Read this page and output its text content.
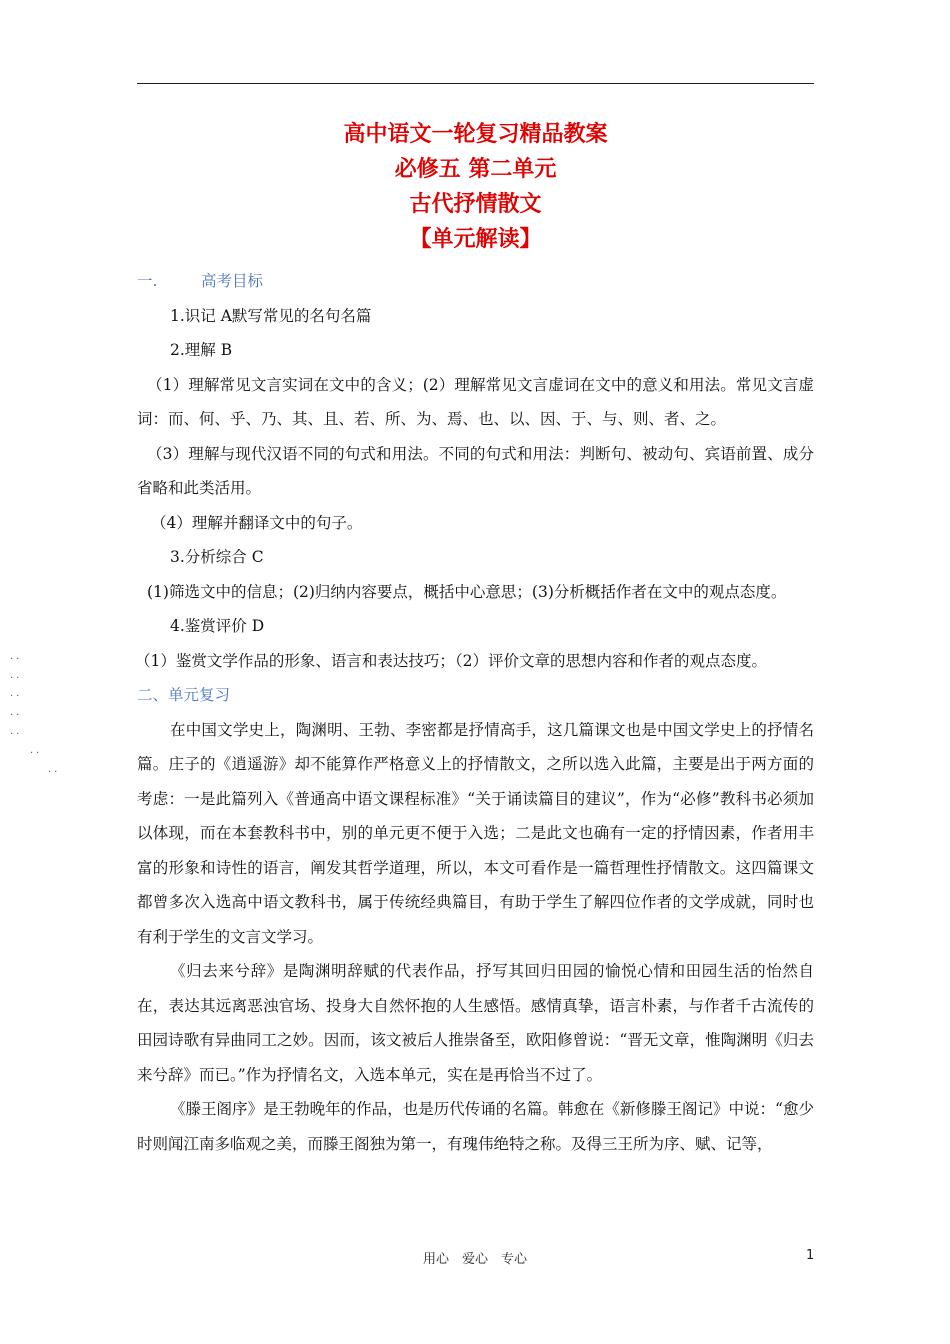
高中语文一轮复习精品教案
必修五 第二单元
古代抒情散文
【单元解读】

一.	高考目标

1.识记 A默写常见的名句名篇

2.理解 B

（1）理解常见文言实词在文中的含义；(2）理解常见文言虚词在文中的意义和用法。常见文言虚词：而、何、乎、乃、其、且、若、所、为、焉、也、以、因、于、与、则、者、之。

（3）理解与现代汉语不同的句式和用法。不同的句式和用法：判断句、被动句、宾语前置、成分省略和此类活用。

（4）理解并翻译文中的句子。

3.分析综合 C

(1)筛选文中的信息；(2)归纳内容要点，概括中心意思；(3)分析概括作者在文中的观点态度。

4.鉴赏评价 D

（1）鉴赏文学作品的形象、语言和表达技巧；（2）评价文章的思想内容和作者的观点态度。

二、单元复习

在中国文学史上，陶渊明、王勃、李密都是抒情高手，这几篇课文也是中国文学史上的抒情名篇。庄子的《逍遥游》却不能算作严格意义上的抒情散文，之所以选入此篇，主要是出于两方面的考虑：一是此篇列入《普通高中语文课程标准》“关于诵读篇目的建议”，作为“必修”教科书必须加以体现，而在本套教科书中，别的单元更不便于入选；二是此文也确有一定的抒情因素，作者用丰富的形象和诗性的语言，阐发其哲学道理，所以，本文可看作是一篇哲理性抒情散文。这四篇课文都曾多次入选高中语文教科书，属于传统经典篇目，有助于学生了解四位作者的文学成就，同时也有利于学生的文言文学习。

《归去来兮辞》是陶渊明辞赋的代表作品，抒写其回归田园的愉悦心情和田园生活的怡然自在，表达其远离恶浊官场、投身大自然怀抱的人生感悟。感情真挚，语言朴素，与作者千古流传的田园诗歌有异曲同工之妙。因而，该文被后人推崇备至，欧阳修曾说：“晋无文章，惟陶渊明《归去来兮辞》而已。”作为抒情名文，入选本单元，实在是再恰当不过了。

《滕王阁序》是王勃晚年的作品，也是历代传诵的名篇。韩愈在《新修滕王阁记》中说：“愈少时则闻江南多临观之美，而滕王阁独为第一，有瑰伟绝特之称。及得三王所为序、赋、记等，

· ·
· ·
· ·
· ·
· ·
· ·
· ·
用心　爱心　专心	1
